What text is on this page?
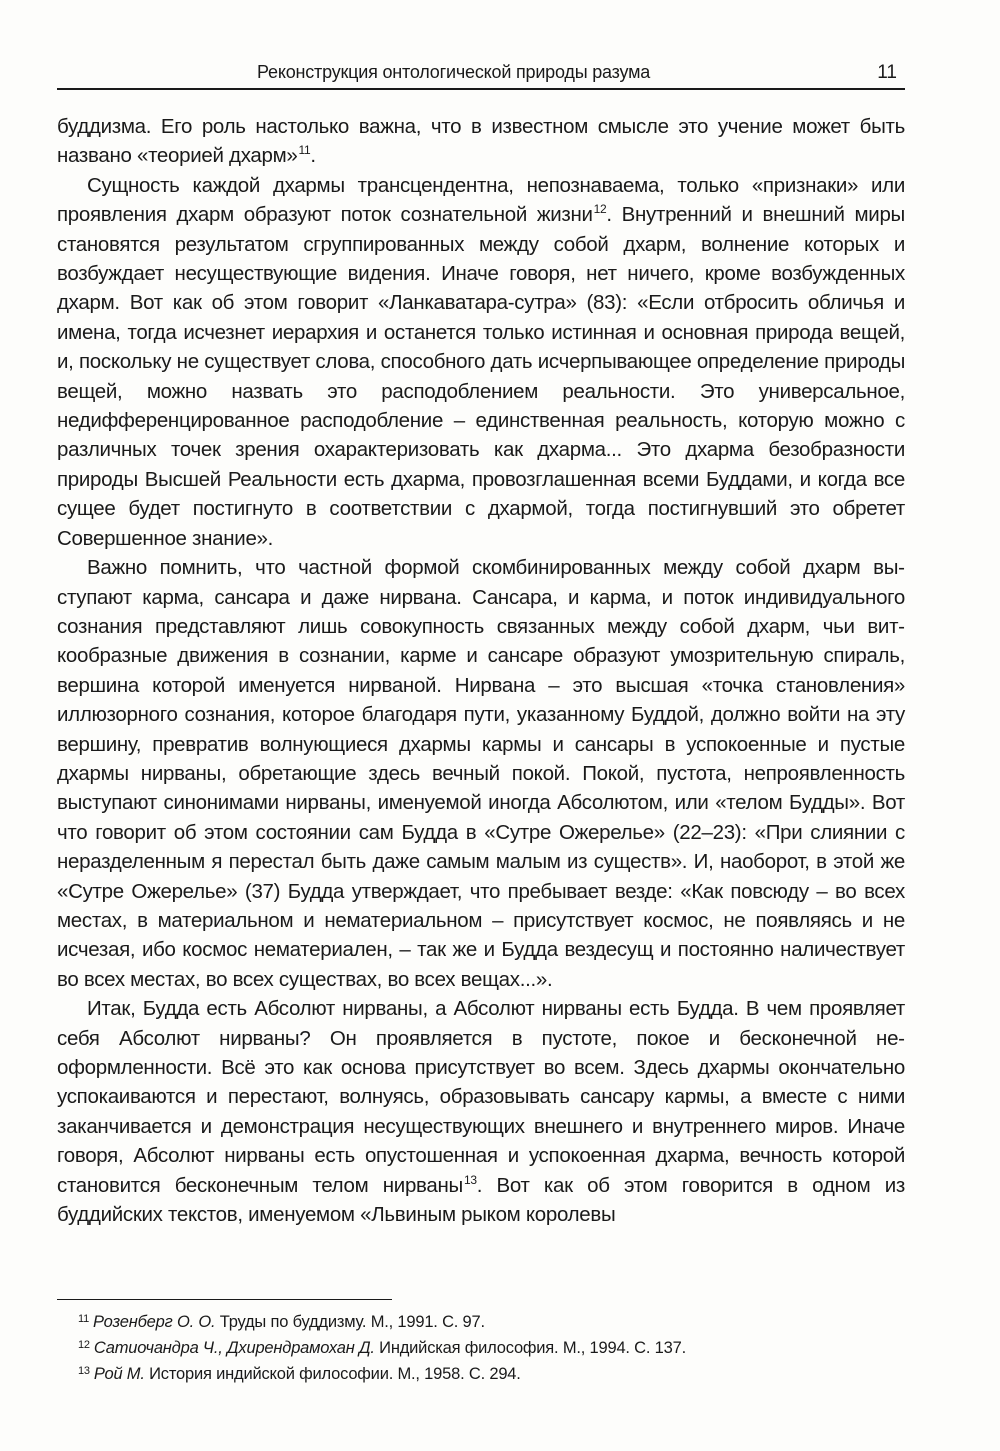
Реконструкция онтологической природы разума	11

буддизма. Его роль настолько важна, что в известном смысле это учение может быть названо «теорией дхарм»$^{11}$.

Сущность каждой дхармы трансцендентна, непознаваема, только «признаки» или проявления дхарм образуют поток сознательной жизни$^{12}$. Внутренний и внешний миры становятся результатом сгруппированных между собой дхарм, волнение которых и возбуждает несуществующие видения. Иначе говоря, нет ничего, кроме возбужденных дхарм. Вот как об этом говорит «Ланкаватара-сутра» (83): «Если отбросить обличья и имена, тогда исчезнет иерархия и останется только истинная и основная природа вещей, и, поскольку не существует слова, способного дать исчерпывающее определение природы вещей, можно назвать это расподоблением реальности. Это универсальное, недифференцированное расподобление – единственная реальность, которую можно с различных точек зрения охарактеризовать как дхарма... Это дхарма безобразности природы Высшей Реальности есть дхарма, провозглашенная всеми Буддами, и когда все сущее будет постигнуто в соответствии с дхармой, тогда постигнувший это обретет Совершенное знание».

Важно помнить, что частной формой скомбинированных между собой дхарм выступают карма, сансара и даже нирвана. Сансара, и карма, и поток индивидуального сознания представляют лишь совокупность связанных между собой дхарм, чьи виткообразные движения в сознании, карме и сансаре образуют умозрительную спираль, вершина которой именуется нирваной. Нирвана – это высшая «точка становления» иллюзорного сознания, которое благодаря пути, указанному Буддой, должно войти на эту вершину, превратив волнующиеся дхармы кармы и сансары в успокоенные и пустые дхармы нирваны, обретающие здесь вечный покой. Покой, пустота, непроявленность выступают синонимами нирваны, именуемой иногда Абсолютом, или «телом Будды». Вот что говорит об этом состоянии сам Будда в «Сутре Ожерелье» (22–23): «При слиянии с неразделенным я перестал быть даже самым малым из существ». И, наоборот, в этой же «Сутре Ожерелье» (37) Будда утверждает, что пребывает везде: «Как повсюду – во всех местах, в материальном и нематериальном – присутствует космос, не появляясь и не исчезая, ибо космос нематериален, – так же и Будда вездесущ и постоянно наличествует во всех местах, во всех существах, во всех вещах...».

Итак, Будда есть Абсолют нирваны, а Абсолют нирваны есть Будда. В чем проявляет себя Абсолют нирваны? Он проявляется в пустоте, покое и бесконечной неоформленности. Всё это как основа присутствует во всем. Здесь дхармы окончательно успокаиваются и перестают, волнуясь, образовывать сансару кармы, а вместе с ними заканчивается и демонстрация несуществующих внешнего и внутреннего миров. Иначе говоря, Абсолют нирваны есть опустошенная и успокоенная дхарма, вечность которой становится бесконечным телом нирваны$^{13}$. Вот как об этом говорится в одном из буддийских текстов, именуемом «Львиным рыком королевы

$^{11}$ Розенберг О. О. Труды по буддизму. М., 1991. С. 97.
$^{12}$ Сатиочандра Ч., Дхирендрамохан Д. Индийская философия. М., 1994. С. 137.
$^{13}$ Рой М. История индийской философии. М., 1958. С. 294.
